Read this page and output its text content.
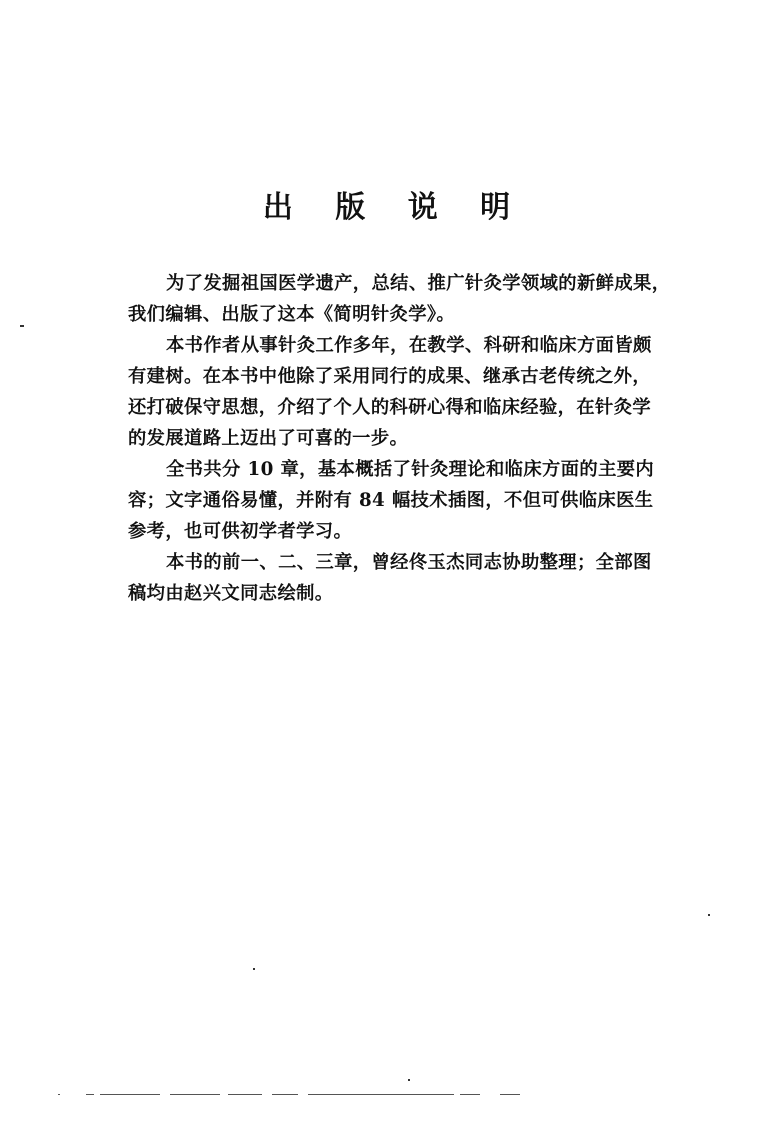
出 版 说 明

为了发掘祖国医学遗产，总结、推广针灸学领域的新鲜成果，
我们编辑、出版了这本《简明针灸学》。

本书作者从事针灸工作多年，在教学、科研和临床方面皆颇
有建树。在本书中他除了采用同行的成果、继承古老传统之外，
还打破保守思想，介绍了个人的科研心得和临床经验，在针灸学
的发展道路上迈出了可喜的一步。

全书共分 10 章，基本概括了针灸理论和临床方面的主要内
容；文字通俗易懂，并附有 84 幅技术插图，不但可供临床医生
参考，也可供初学者学习。

本书的前一、二、三章，曾经佟玉杰同志协助整理；全部图
稿均由赵兴文同志绘制。
